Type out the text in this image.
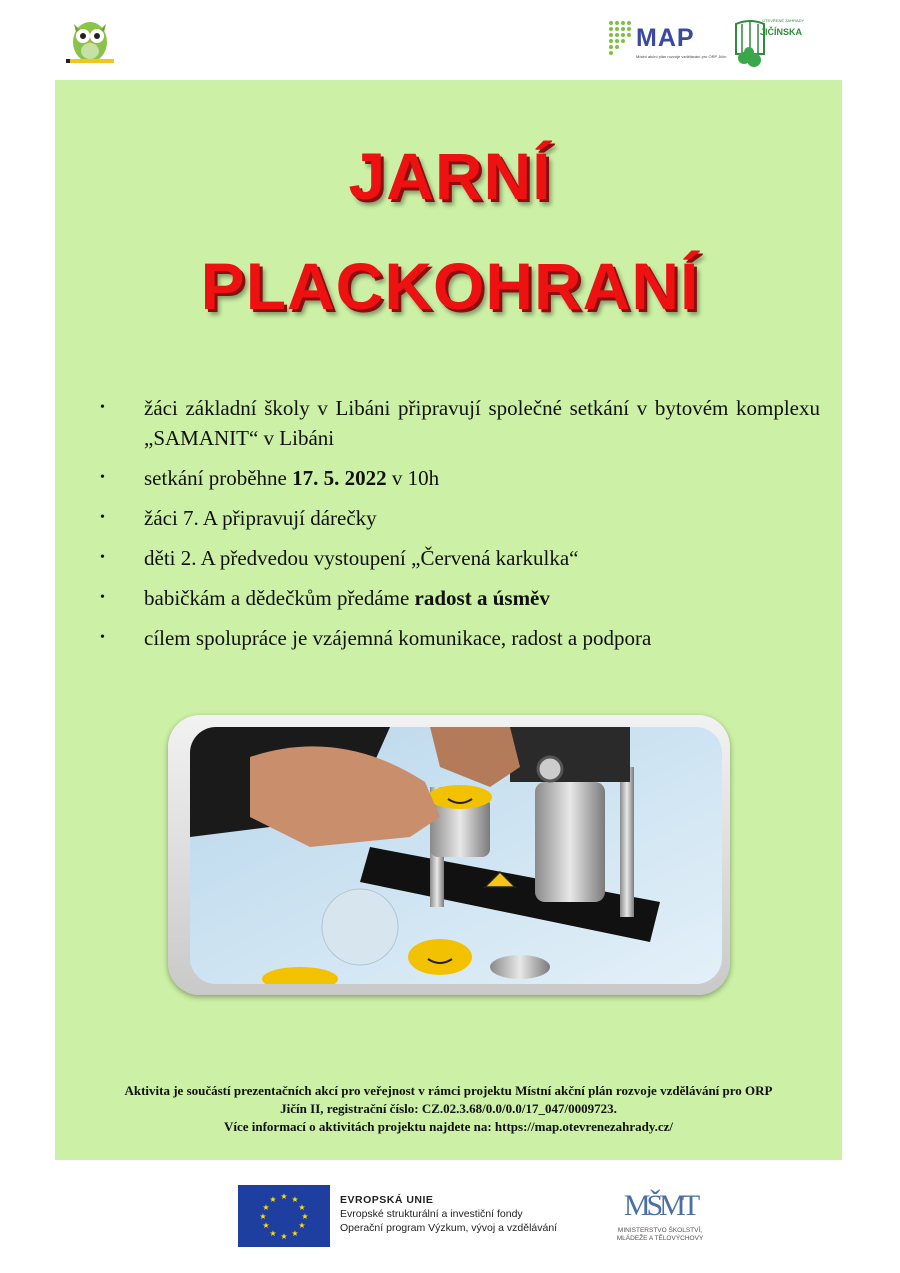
MAP
Místní akční plán rozvoje vzdělávání pro ORP Jičín
OTEVŘENÉ ZAHRADY
JIČÍNSKA
JARNÍ
PLACKOHRANÍ
• žáci základní školy v Libáni připravují společné setkání v bytovém komplexu „SAMANIT“ v Libáni
• setkání proběhne 17. 5. 2022 v 10h
• žáci 7. A připravují dárečky
• děti 2. A předvedou vystoupení „Červená karkulka“
• babičkám a dědečkům předáme radost a úsměv
• cílem spolupráce je vzájemná komunikace, radost a podpora
Aktivita je součástí prezentačních akcí pro veřejnost v rámci projektu Místní akční plán rozvoje vzdělávání pro ORP
Jičín II, registrační číslo: CZ.02.3.68/0.0/0.0/17_047/0009723.
Více informací o aktivitách projektu najdete na: https://map.otevrenezahrady.cz/
★ ★
★
★
★
★
★
★
★
★
★
★	EVROPSKÁ UNIE
Evropské strukturální a investiční fondy
Operační program Výzkum, vývoj a vzdělávání
MŠMT
MINISTERSTVO ŠKOLSTVÍ,
MLÁDEŽE A TĚLOVÝCHOVY
